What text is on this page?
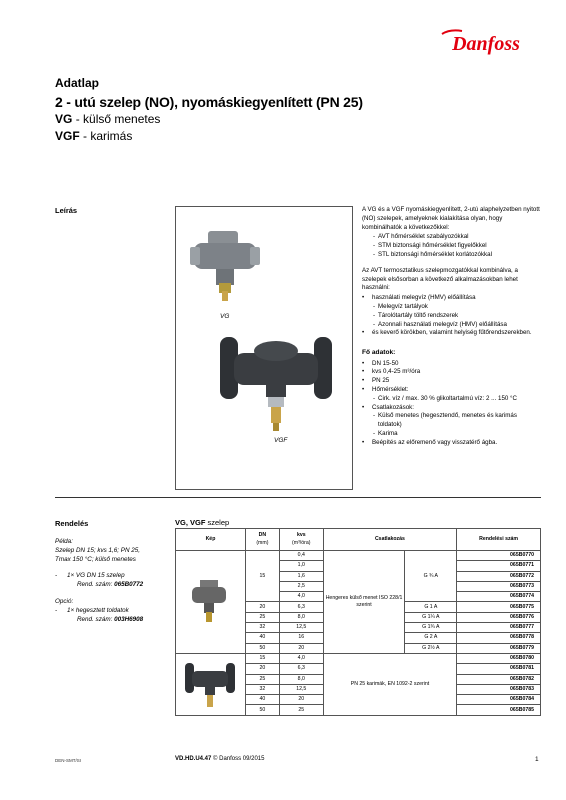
Danfoss
Adatlap
2 - utú szelep (NO), nyomáskiegyenlített (PN 25)
VG - külső menetes
VGF - karimás
Leírás
VG
VGF

A VG és a VGF nyomáskiegyenlített, 2-utú alaphelyzetben nyitott (NO) szelepek, amelyeknek kialakítása olyan, hogy kombinálhatók a következőkkel:

- AVT hőmérséklet szabályozókkal
- STM biztonsági hőmérséklet figyelőkkel
- STL biztonsági hőmérséklet korlátozókkal

Az AVT termosztatikus szelepmozgatókkal kombinálva, a szelepek elsősorban a következő alkalmazásokban lehet használni:

• használati melegvíz (HMV) előállítása
- Melegvíz tartályok
- Tárolótartály töltő rendszerek
- Azonnali használati melegvíz (HMV) előállítása
• és keverő körökben, valamint helyiség fűtőrendszerekben.
Fő adatok:
• DN 15-50
• kvs 0,4-25 m³/óra
• PN 25
• Hőmérséklet:
- Cirk. víz / max. 30 % glikoltartalmú víz: 2 ... 150 °C
• Csatlakozások:
- Külső menetes (hegesztendő, menetes és karimás toldatok)
- Karima
• Beépítés az előremenő vagy visszatérő ágba.
Rendelés
Példa:
Szelep DN 15; kvs 1,6; PN 25,
Tmax 150 °C; külső menetes
-	1× VG DN 15 szelep
Rend. szám: 065B0772
Opció:
-	1× hegesztett toldatok
Rend. szám: 003H6908
VG, VGF szelep
Kép	DN
(mm)	kvs
(m³/óra)	Csatlakozás		Rendelési szám
	15	0,4	Hengeres külső menet ISO 228/1 szerint	G ¾ A	065B0770
		1,0			065B0771
		1,6			065B0772
		2,5			065B0773
		4,0			065B0774
	20	6,3		G 1 A	065B0775
	25	8,0		G 1¼ A	065B0776
	32	12,5		G 1¾ A	065B0777
	40	16		G 2 A	065B0778
	50	20		G 2½ A	065B0779
	15	4,0	PN 25 karimák, EN 1092-2 szerint		065B0780
	20	6,3			065B0781
	25	8,0			065B0782
	32	12,5			065B0783
	40	20			065B0784
	50	25			065B0785
DEN-SMT/SI	VD.HD.U4.47 © Danfoss 09/2015	1
